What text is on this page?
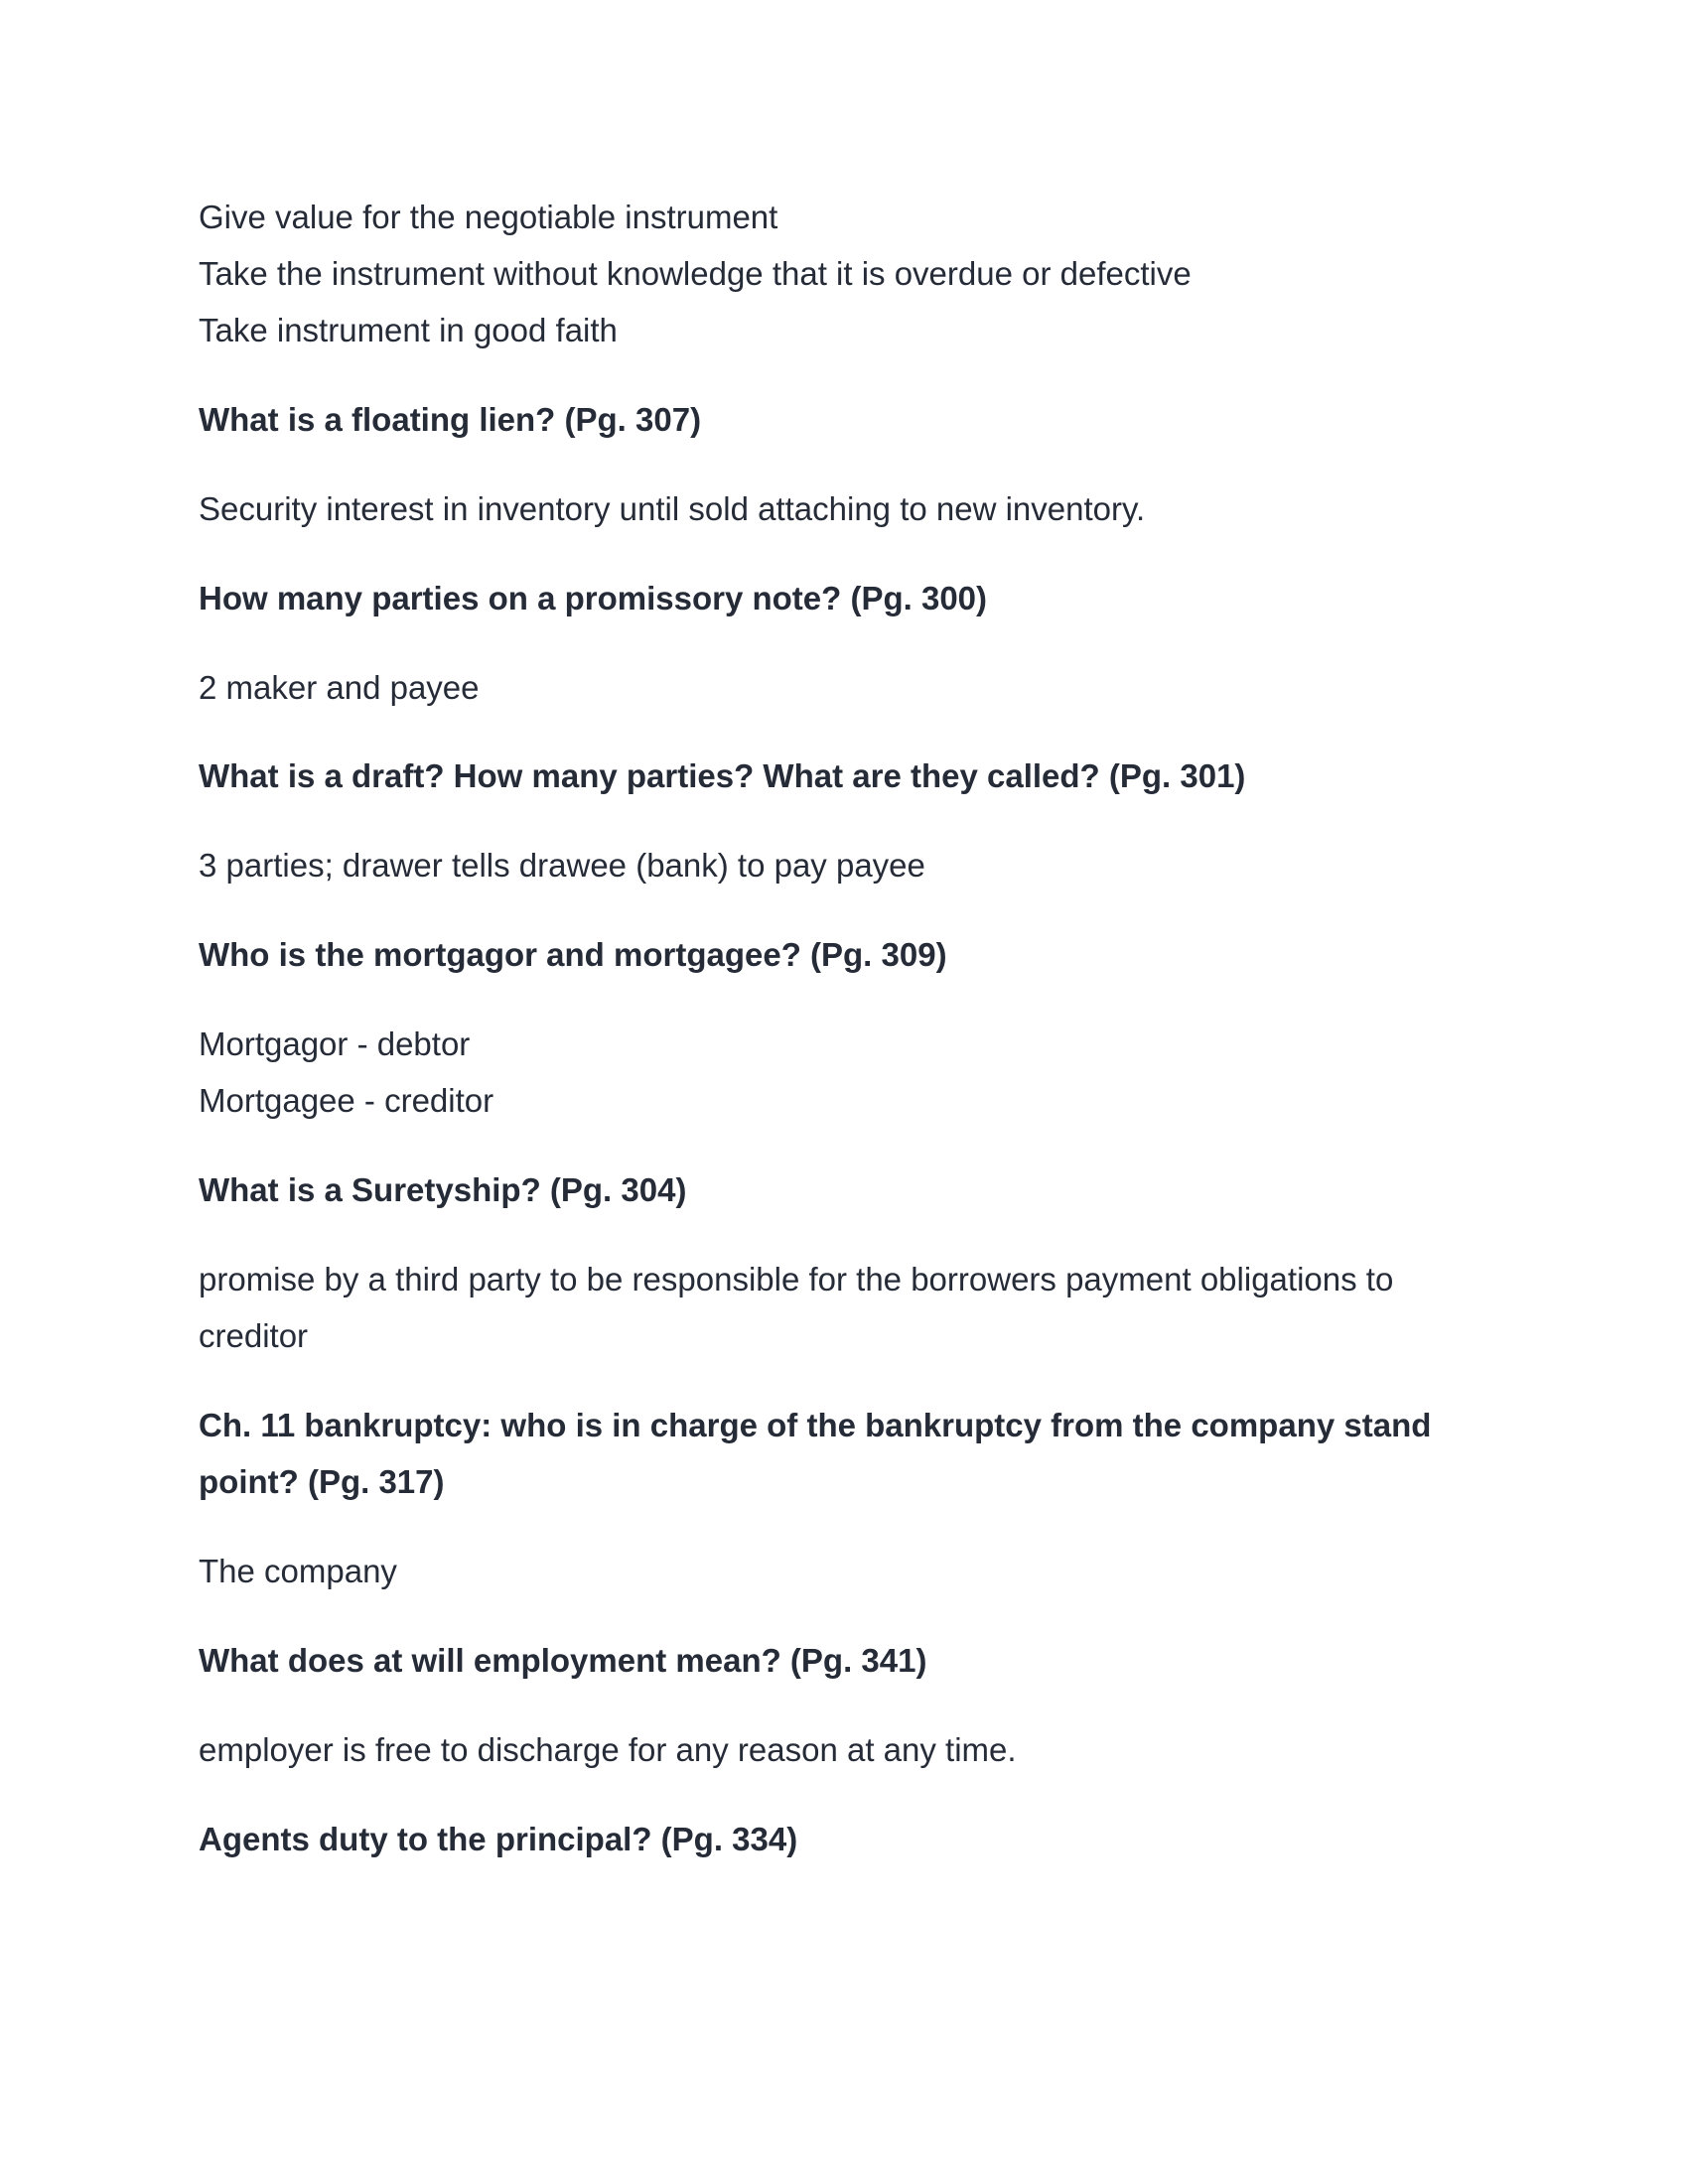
Give value for the negotiable instrument
Take the instrument without knowledge that it is overdue or defective
Take instrument in good faith
What is a floating lien? (Pg. 307)
Security interest in inventory until sold attaching to new inventory.
How many parties on a promissory note? (Pg. 300)
2 maker and payee
What is a draft? How many parties? What are they called? (Pg. 301)
3 parties; drawer tells drawee (bank) to pay payee
Who is the mortgagor and mortgagee? (Pg. 309)
Mortgagor - debtor
Mortgagee - creditor
What is a Suretyship? (Pg. 304)
promise by a third party to be responsible for the borrowers payment obligations to
creditor
Ch. 11 bankruptcy: who is in charge of the bankruptcy from the company stand
point? (Pg. 317)
The company
What does at will employment mean? (Pg. 341)
employer is free to discharge for any reason at any time.
Agents duty to the principal? (Pg. 334)
